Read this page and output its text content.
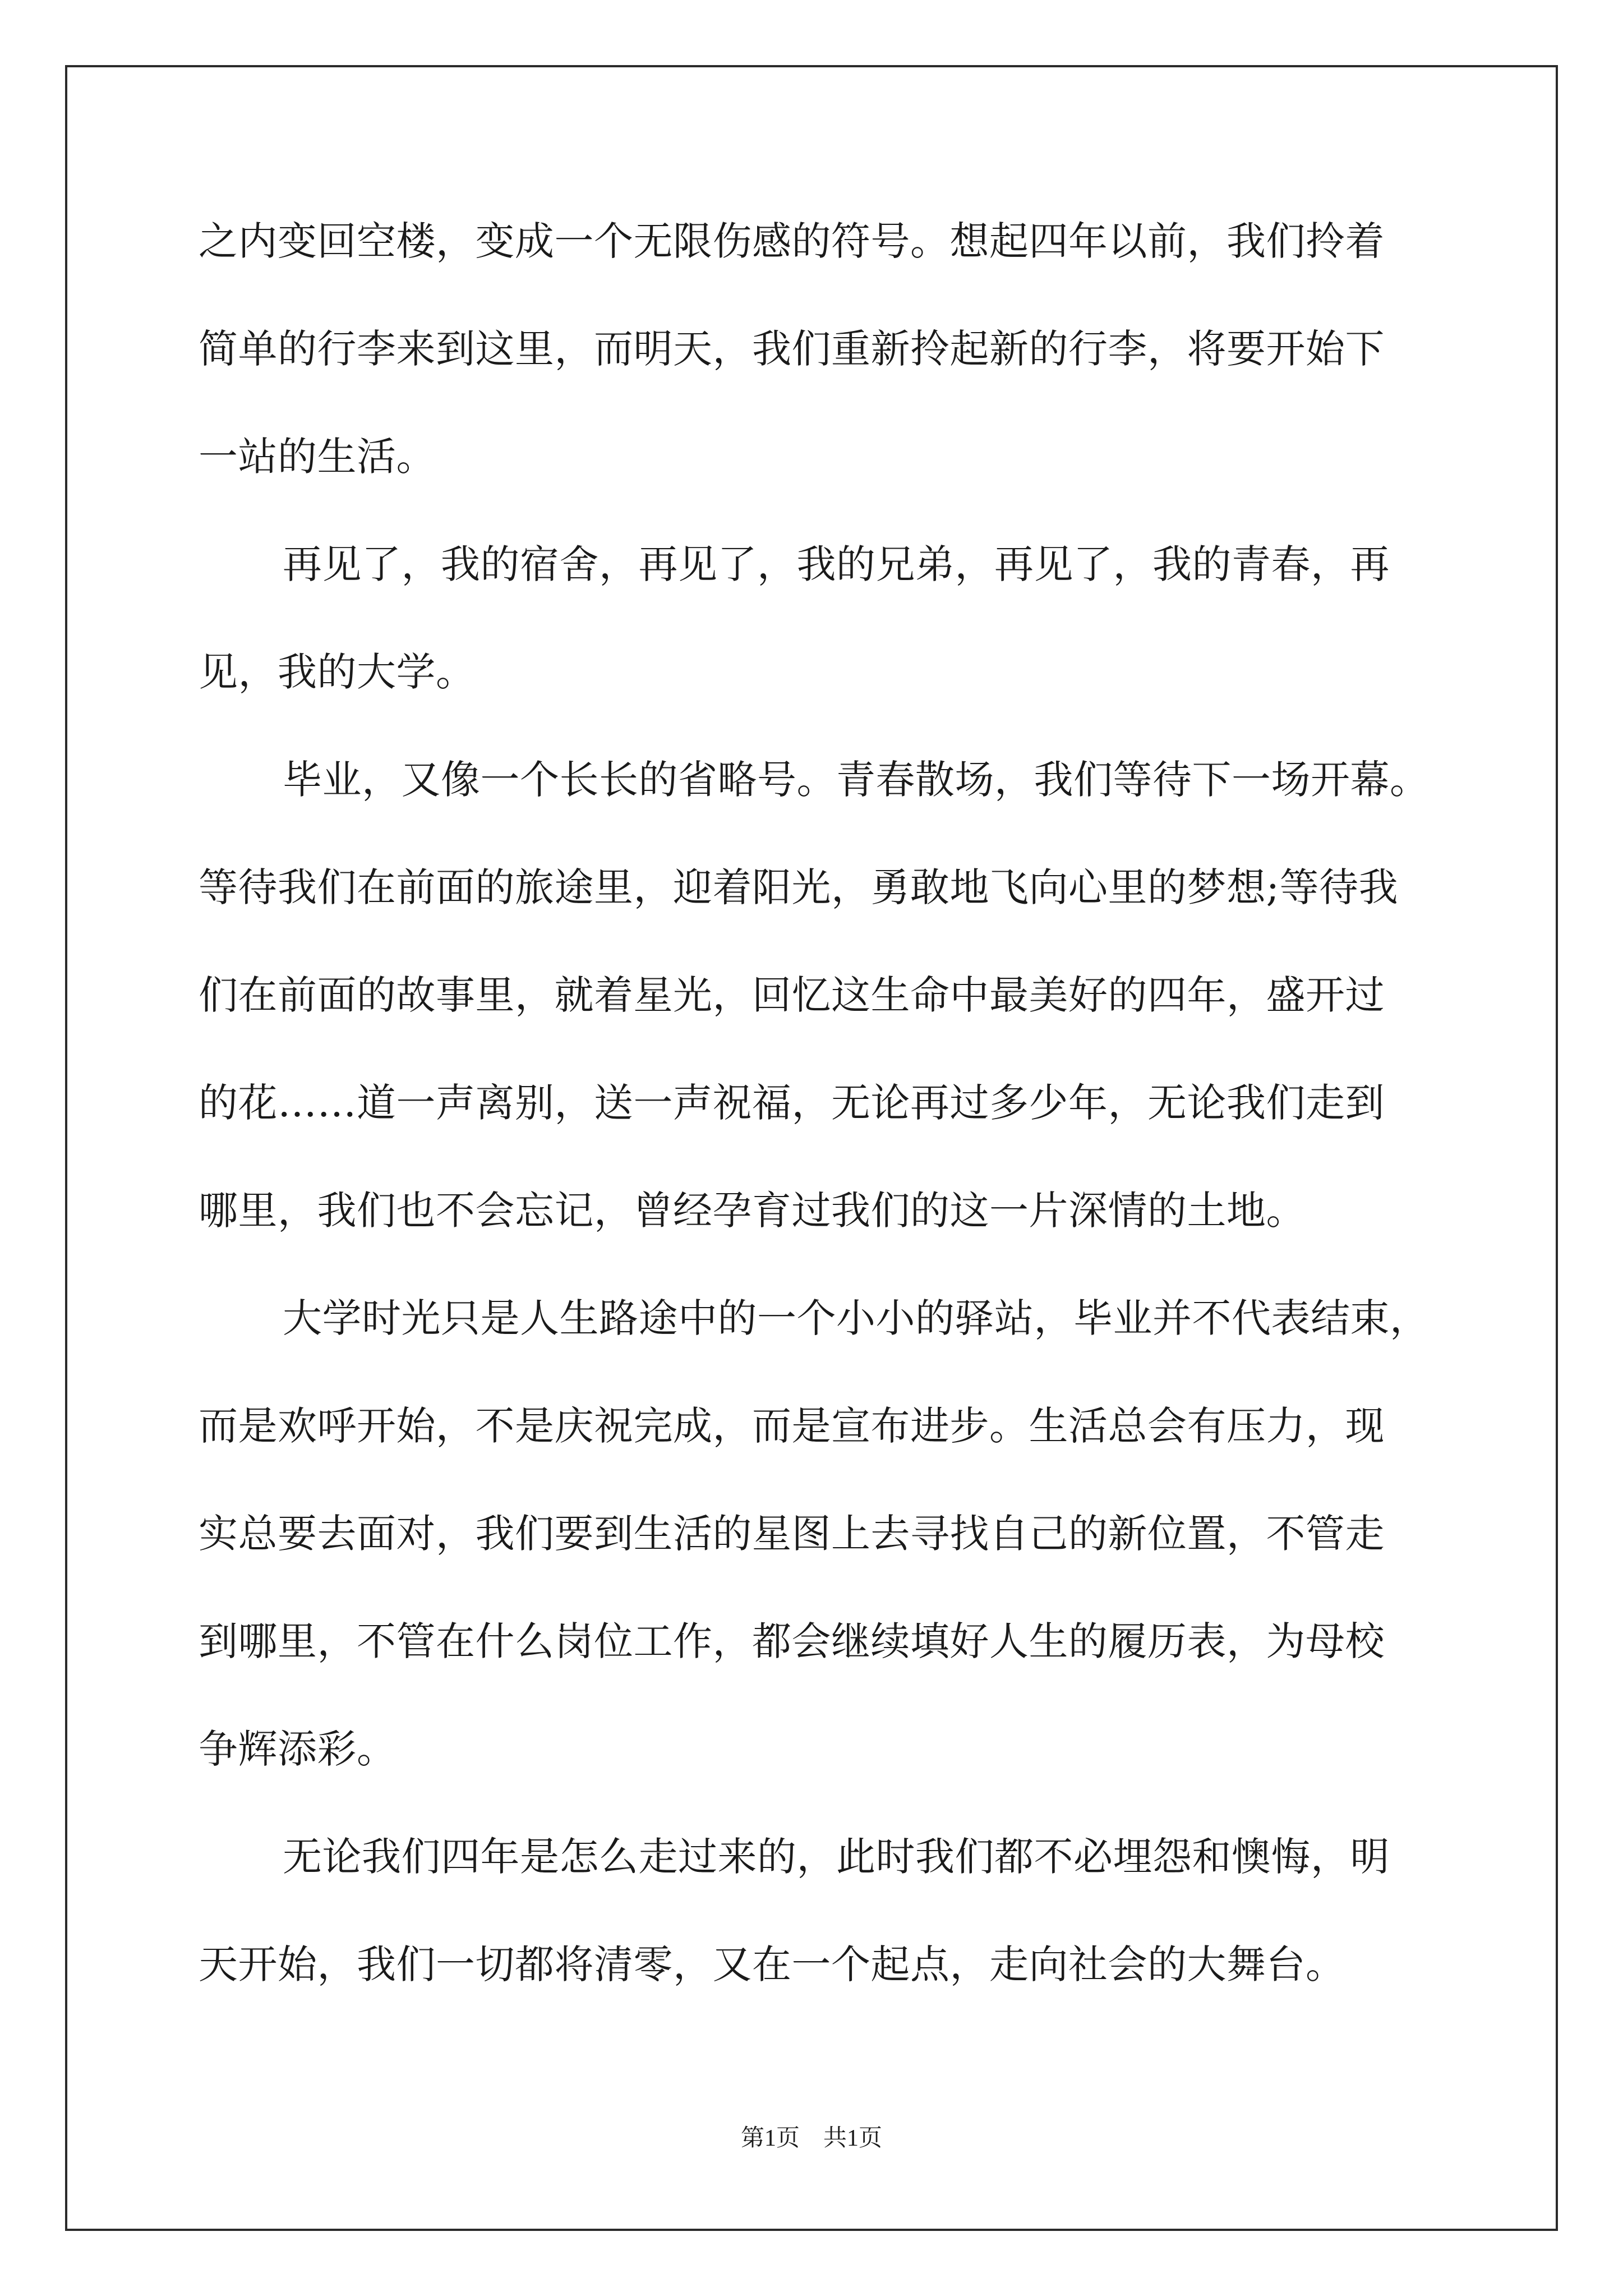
之内变回空楼，变成一个无限伤感的符号。想起四年以前，我们拎着
简单的行李来到这里，而明天，我们重新拎起新的行李，将要开始下
一站的生活。
再见了，我的宿舍，再见了，我的兄弟，再见了，我的青春，再
见，我的大学。
毕业，又像一个长长的省略号。青春散场，我们等待下一场开幕。
等待我们在前面的旅途里，迎着阳光，勇敢地飞向心里的梦想;等待我
们在前面的故事里，就着星光，回忆这生命中最美好的四年，盛开过
的花……道一声离别，送一声祝福，无论再过多少年，无论我们走到
哪里，我们也不会忘记，曾经孕育过我们的这一片深情的土地。
大学时光只是人生路途中的一个小小的驿站，毕业并不代表结束，
而是欢呼开始，不是庆祝完成，而是宣布进步。生活总会有压力，现
实总要去面对，我们要到生活的星图上去寻找自己的新位置，不管走
到哪里，不管在什么岗位工作，都会继续填好人生的履历表，为母校
争辉添彩。
无论我们四年是怎么走过来的，此时我们都不必埋怨和懊悔，明
天开始，我们一切都将清零，又在一个起点，走向社会的大舞台。
第1页　共1页
